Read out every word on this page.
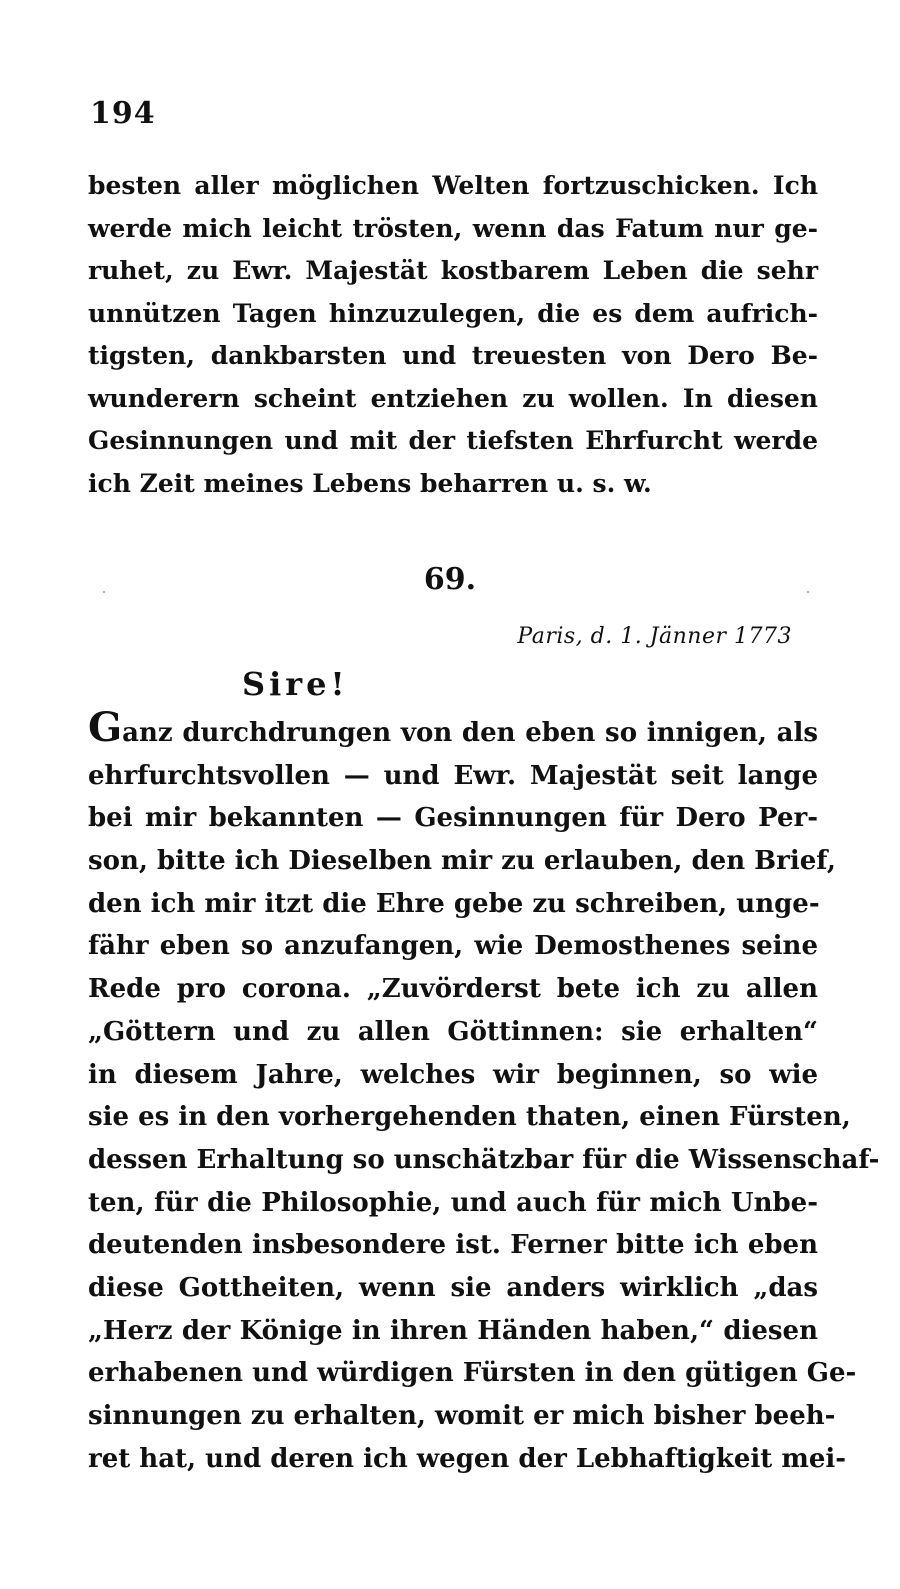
194
besten aller möglichen Welten fortzuschicken. Ich
werde mich leicht trösten, wenn das Fatum nur ge-
ruhet, zu Ewr. Majestät kostbarem Leben die sehr
unnützen Tagen hinzuzulegen, die es dem aufrich-
tigsten, dankbarsten und treuesten von Dero Be-
wunderern scheint entziehen zu wollen. In diesen
Gesinnungen und mit der tiefsten Ehrfurcht werde
ich Zeit meines Lebens beharren u. s. w.
69.
Paris, d. 1. Jänner 1773
Sire!
Ganz durchdrungen von den eben so innigen, als
ehrfurchtsvollen — und Ewr. Majestät seit lange
bei mir bekannten — Gesinnungen für Dero Per-
son, bitte ich Dieselben mir zu erlauben, den Brief,
den ich mir itzt die Ehre gebe zu schreiben, unge-
fähr eben so anzufangen, wie Demosthenes seine
Rede pro corona. „Zuvörderst bete ich zu allen
„Göttern und zu allen Göttinnen: sie erhalten“
in diesem Jahre, welches wir beginnen, so wie
sie es in den vorhergehenden thaten, einen Fürsten,
dessen Erhaltung so unschätzbar für die Wissenschaf-
ten, für die Philosophie, und auch für mich Unbe-
deutenden insbesondere ist. Ferner bitte ich eben
diese Gottheiten, wenn sie anders wirklich „das
„Herz der Könige in ihren Händen haben,“ diesen
erhabenen und würdigen Fürsten in den gütigen Ge-
sinnungen zu erhalten, womit er mich bisher beeh-
ret hat, und deren ich wegen der Lebhaftigkeit mei-
